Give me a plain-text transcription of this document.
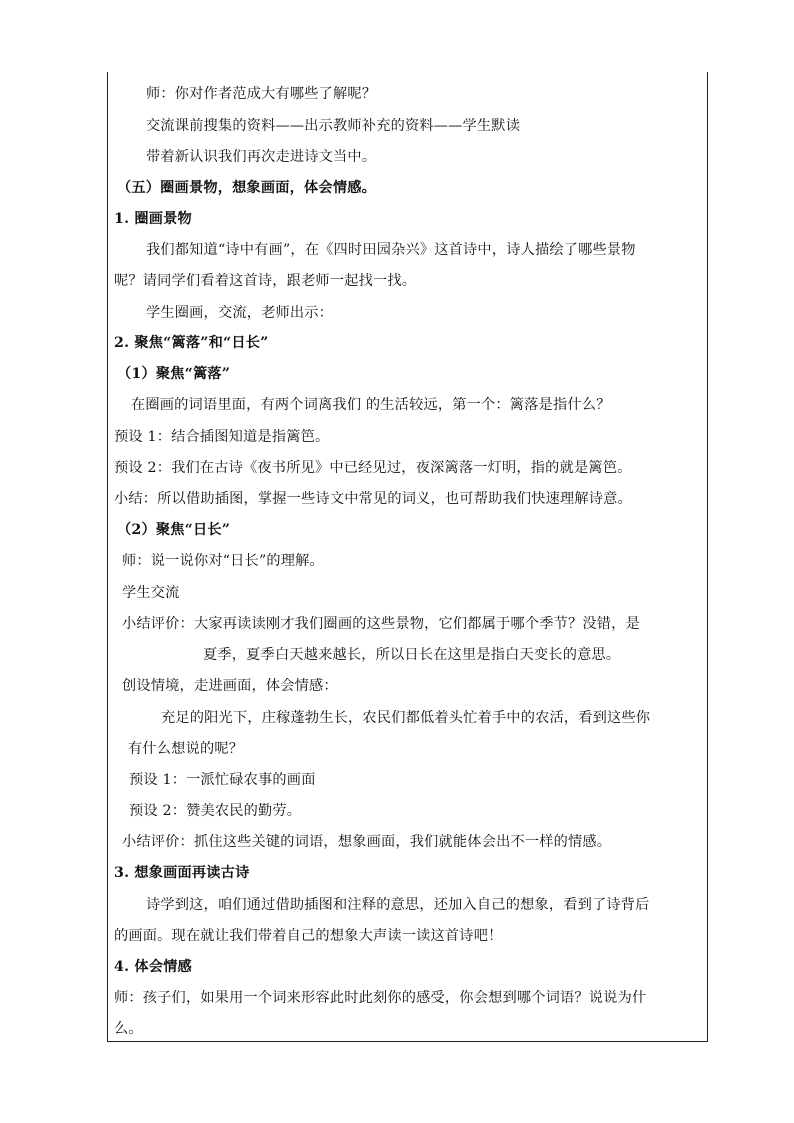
师：你对作者范成大有哪些了解呢？
交流课前搜集的资料——出示教师补充的资料——学生默读
带着新认识我们再次走进诗文当中。
（五）圈画景物，想象画面，体会情感。
1. 圈画景物
我们都知道“诗中有画”，在《四时田园杂兴》这首诗中，诗人描绘了哪些景物
呢？请同学们看着这首诗，跟老师一起找一找。
学生圈画，交流，老师出示：
2. 聚焦“篱落”和“日长”
（1）聚焦“篱落”
在圈画的词语里面，有两个词离我们 的生活较远，第一个：篱落是指什么？
预设 1：结合插图知道是指篱笆。
预设 2：我们在古诗《夜书所见》中已经见过，夜深篱落一灯明，指的就是篱笆。
小结：所以借助插图，掌握一些诗文中常见的词义，也可帮助我们快速理解诗意。
（2）聚焦“日长”
师：说一说你对“日长”的理解。
学生交流
小结评价：大家再读读刚才我们圈画的这些景物，它们都属于哪个季节？没错，是
夏季，夏季白天越来越长，所以日长在这里是指白天变长的意思。
创设情境，走进画面，体会情感：
充足的阳光下，庄稼蓬勃生长，农民们都低着头忙着手中的农活，看到这些你
有什么想说的呢？
预设 1：一派忙碌农事的画面
预设 2：赞美农民的勤劳。
小结评价：抓住这些关键的词语，想象画面，我们就能体会出不一样的情感。
3. 想象画面再读古诗
诗学到这，咱们通过借助插图和注释的意思，还加入自己的想象，看到了诗背后
的画面。现在就让我们带着自己的想象大声读一读这首诗吧！
4. 体会情感
师：孩子们，如果用一个词来形容此时此刻你的感受，你会想到哪个词语？说说为什
么。
